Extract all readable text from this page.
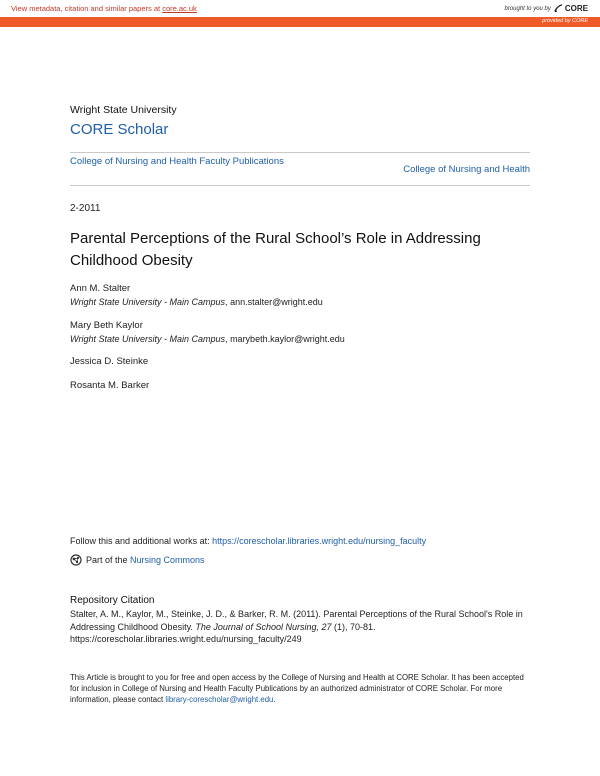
View metadata, citation and similar papers at core.ac.uk	brought to you by CORE
provided by CORE
Wright State University
CORE Scholar
College of Nursing and Health Faculty Publications
College of Nursing and Health
2-2011
Parental Perceptions of the Rural School’s Role in Addressing Childhood Obesity
Ann M. Stalter
Wright State University - Main Campus, ann.stalter@wright.edu
Mary Beth Kaylor
Wright State University - Main Campus, marybeth.kaylor@wright.edu
Jessica D. Steinke
Rosanta M. Barker
Follow this and additional works at: https://corescholar.libraries.wright.edu/nursing_faculty
Part of the Nursing Commons
Repository Citation
Stalter, A. M., Kaylor, M., Steinke, J. D., & Barker, R. M. (2011). Parental Perceptions of the Rural School's Role in Addressing Childhood Obesity. The Journal of School Nursing, 27 (1), 70-81.
https://corescholar.libraries.wright.edu/nursing_faculty/249
This Article is brought to you for free and open access by the College of Nursing and Health at CORE Scholar. It has been accepted for inclusion in College of Nursing and Health Faculty Publications by an authorized administrator of CORE Scholar. For more information, please contact library-corescholar@wright.edu.
